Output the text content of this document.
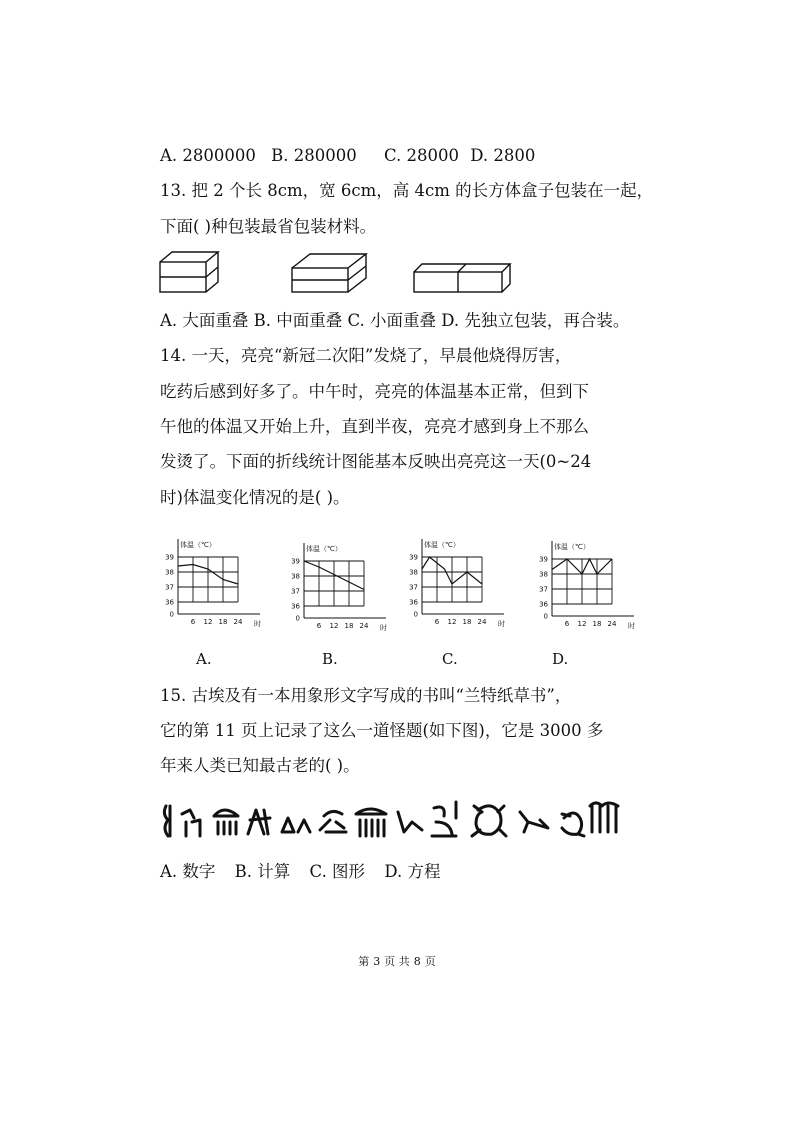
A. 2800000 B. 280000 C. 28000 D. 2800
13. 把 2 个长 8cm，宽 6cm，高 4cm 的长方体盒子包装在一起，
下面( )种包装最省包装材料。
A. 大面重叠 B. 中面重叠 C. 小面重叠 D. 先独立包装，再合装。
14. 一天，亮亮“新冠二次阳”发烧了，早晨他烧得厉害，
吃药后感到好多了。中午时，亮亮的体温基本正常，但到下
午他的体温又开始上升，直到半夜，亮亮才感到身上不那么
发烫了。下面的折线统计图能基本反映出亮亮这一天(0~24
时)体温变化情况的是( )。
体温（℃）
0
36
37
38
39
6 12 18 24 时
体温（℃）
0
36
37
38
39
6 12 18 24 时
体温（℃）
0
36
37
38
39
6 12 18 24 时
体温（℃）
0
36
37
38
39
6 12 18 24 时
A.	B.	C.	D.
15. 古埃及有一本用象形文字写成的书叫“兰特纸草书”，
它的第 11 页上记录了这么一道怪题(如下图)，它是 3000 多
年来人类已知最古老的( )。
A. 数字 B. 计算 C. 图形 D. 方程
第 3 页 共 8 页
